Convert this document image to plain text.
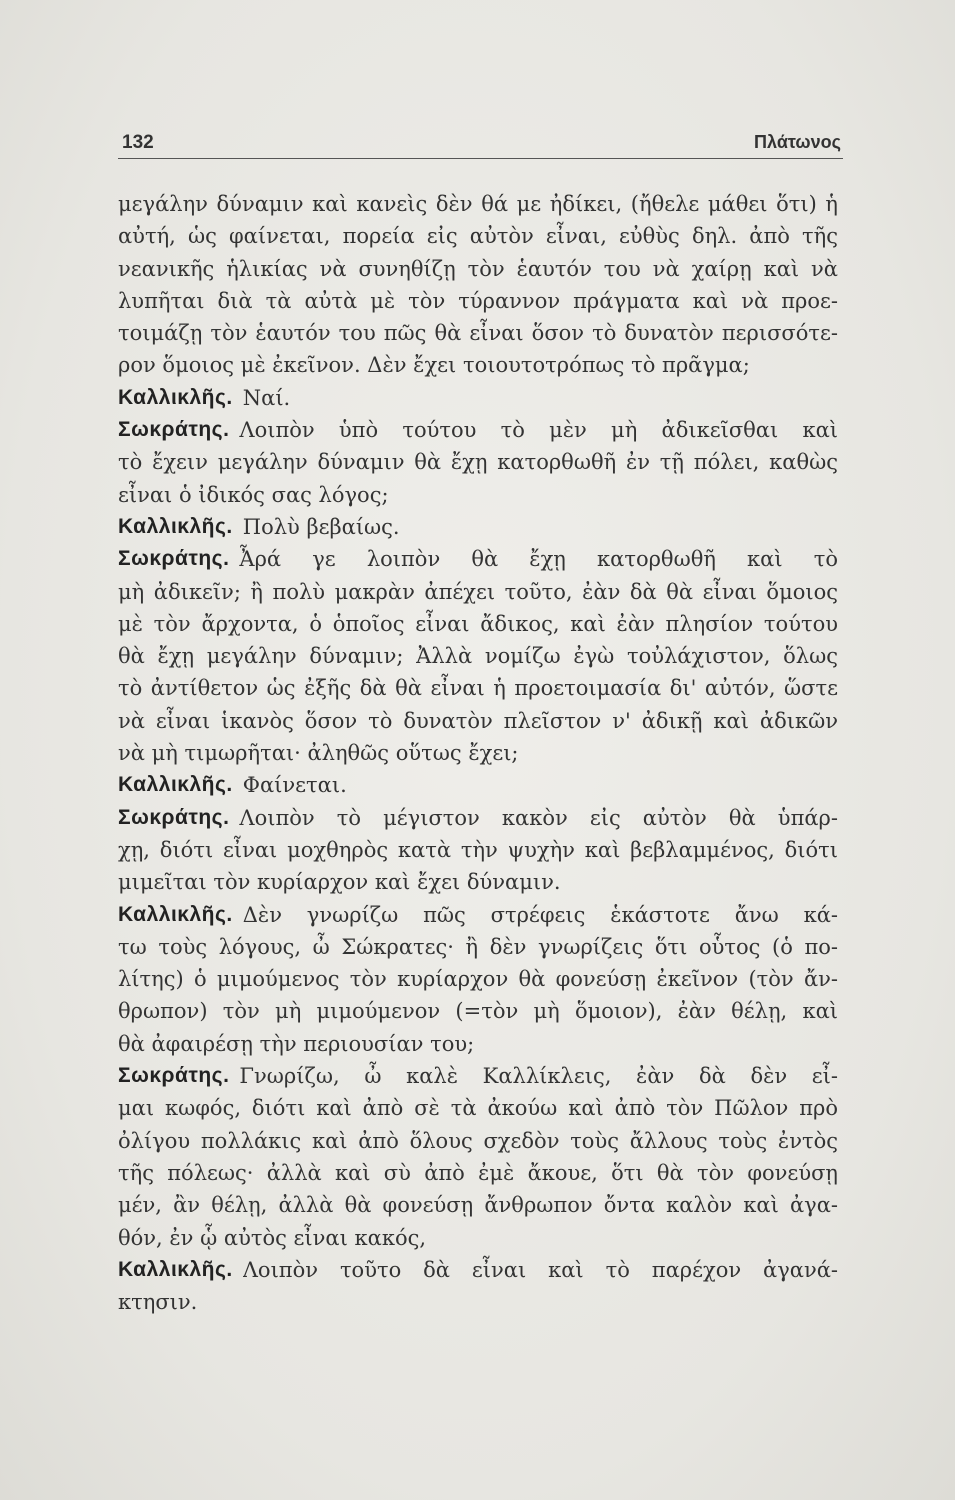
132	Πλάτωνος
μεγάλην δύναμιν καὶ κανεὶς δὲν θά με ἠδίκει, (ἤθελε μάθει ὅτι) ἡ
αὐτή, ὡς φαίνεται, πορεία εἰς αὐτὸν εἶναι, εὐθὺς δηλ. ἀπὸ τῆς
νεανικῆς ἡλικίας νὰ συνηθίζῃ τὸν ἑαυτόν του νὰ χαίρῃ καὶ νὰ
λυπῆται διὰ τὰ αὐτὰ μὲ τὸν τύραννον πράγματα καὶ νὰ προε-
τοιμάζῃ τὸν ἑαυτόν του πῶς θὰ εἶναι ὅσον τὸ δυνατὸν περισσότε-
ρον ὅμοιος μὲ ἐκεῖνον. Δὲν ἔχει τοιουτοτρόπως τὸ πρᾶγμα;
Καλλικλῆς. Ναί.
Σωκράτης. Λοιπὸν ὑπὸ τούτου τὸ μὲν μὴ ἀδικεῖσθαι καὶ
τὸ ἔχειν μεγάλην δύναμιν θὰ ἔχῃ κατορθωθῆ ἐν τῇ πόλει, καθὼς
εἶναι ὁ ἰδικός σας λόγος;
Καλλικλῆς. Πολὺ βεβαίως.
Σωκράτης. Ἆρά γε λοιπὸν θὰ ἔχῃ κατορθωθῆ καὶ τὸ
μὴ ἀδικεῖν; ἢ πολὺ μακρὰν ἀπέχει τοῦτο, ἐὰν δὰ θὰ εἶναι ὅμοιος
μὲ τὸν ἄρχοντα, ὁ ὁποῖος εἶναι ἄδικος, καὶ ἐὰν πλησίον τούτου
θὰ ἔχῃ μεγάλην δύναμιν; Ἀλλὰ νομίζω ἐγὼ τοὐλάχιστον, ὅλως
τὸ ἀντίθετον ὡς ἐξῆς δὰ θὰ εἶναι ἡ προετοιμασία δι' αὐτόν, ὥστε
νὰ εἶναι ἱκανὸς ὅσον τὸ δυνατὸν πλεῖστον ν' ἀδικῇ καὶ ἀδικῶν
νὰ μὴ τιμωρῆται· ἀληθῶς οὕτως ἔχει;
Καλλικλῆς. Φαίνεται.
Σωκράτης. Λοιπὸν τὸ μέγιστον κακὸν εἰς αὐτὸν θὰ ὑπάρ-
χῃ, διότι εἶναι μοχθηρὸς κατὰ τὴν ψυχὴν καὶ βεβλαμμένος, διότι
μιμεῖται τὸν κυρίαρχον καὶ ἔχει δύναμιν.
Καλλικλῆς. Δὲν γνωρίζω πῶς στρέφεις ἑκάστοτε ἄνω κά-
τω τοὺς λόγους, ὦ Σώκρατες· ἢ δὲν γνωρίζεις ὅτι οὗτος (ὁ πο-
λίτης) ὁ μιμούμενος τὸν κυρίαρχον θὰ φονεύσῃ ἐκεῖνον (τὸν ἄν-
θρωπον) τὸν μὴ μιμούμενον (=τὸν μὴ ὅμοιον), ἐὰν θέλῃ, καὶ
θὰ ἀφαιρέσῃ τὴν περιουσίαν του;
Σωκράτης. Γνωρίζω, ὦ καλὲ Καλλίκλεις, ἐὰν δὰ δὲν εἶ-
μαι κωφός, διότι καὶ ἀπὸ σὲ τὰ ἀκούω καὶ ἀπὸ τὸν Πῶλον πρὸ
ὀλίγου πολλάκις καὶ ἀπὸ ὅλους σχεδὸν τοὺς ἄλλους τοὺς ἐντὸς
τῆς πόλεως· ἀλλὰ καὶ σὺ ἀπὸ ἐμὲ ἄκουε, ὅτι θὰ τὸν φονεύσῃ
μέν, ἂν θέλῃ, ἀλλὰ θὰ φονεύσῃ ἄνθρωπον ὄντα καλὸν καὶ ἀγα-
θόν, ἐν ᾧ αὐτὸς εἶναι κακός,
Καλλικλῆς. Λοιπὸν τοῦτο δὰ εἶναι καὶ τὸ παρέχον ἀγανά-
κτησιν.
